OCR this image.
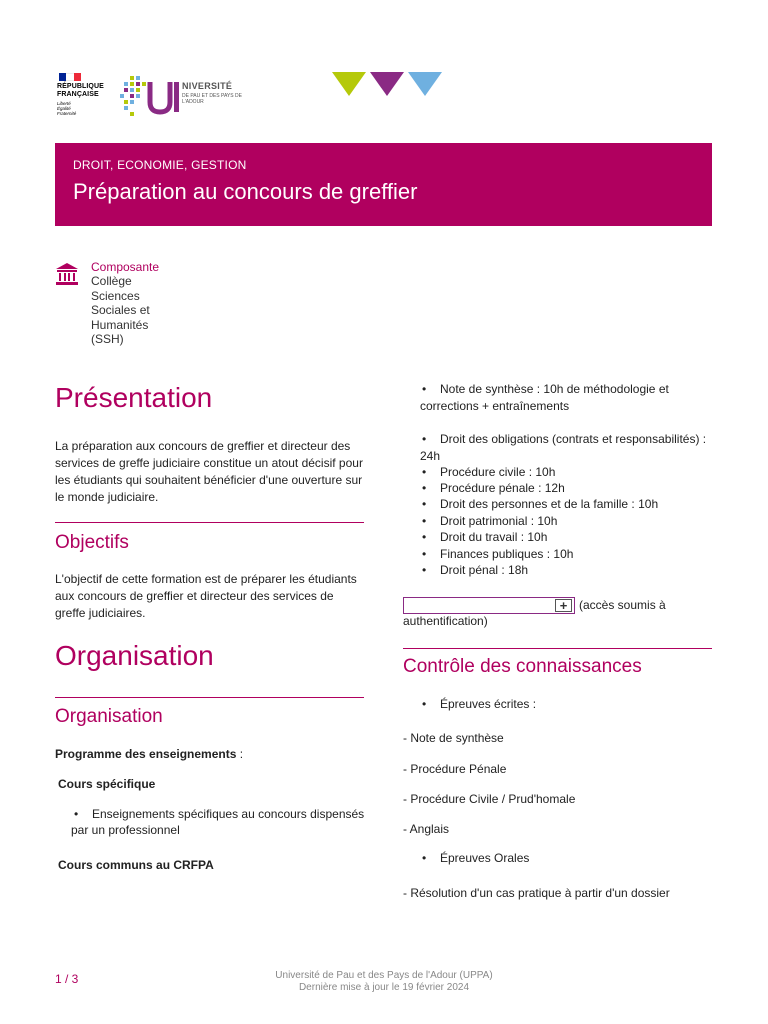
RÉPUBLIQUE
FRANÇAISE
Liberté
Égalité
Fraternité
NIVERSITÉ
DE PAU ET DES PAYS DE L'ADOUR
DROIT, ECONOMIE, GESTION
Préparation au concours de greffier
Composante
Collège Sciences Sociales et Humanités (SSH)
Présentation
La préparation aux concours de greffier et directeur des services de greffe judiciaire constitue un atout décisif pour les étudiants qui souhaitent bénéficier d'une ouverture sur le monde judiciaire.
Objectifs
L'objectif de cette formation est de préparer les étudiants aux concours de greffier et directeur des services de greffe judiciaires.
Organisation
Organisation
Programme des enseignements :
Cours spécifique
• Enseignements spécifiques au concours dispensés
par un professionnel
Cours communs au CRFPA
• Note de synthèse : 10h de méthodologie et
corrections + entraînements
• Droit des obligations (contrats et responsabilités) :
24h
• Procédure civile : 10h
• Procédure pénale : 12h
• Droit des personnes et de la famille : 10h
• Droit patrimonial : 10h
• Droit du travail : 10h
• Finances publiques : 10h
• Droit pénal : 18h
+ (accès soumis à
authentification)
Contrôle des connaissances
• Épreuves écrites :
- Note de synthèse
- Procédure Pénale
- Procédure Civile / Prud'homale
- Anglais
• Épreuves Orales
- Résolution d'un cas pratique à partir d'un dossier
Université de Pau et des Pays de l'Adour (UPPA)
Dernière mise à jour le 19 février 2024
1 / 3
